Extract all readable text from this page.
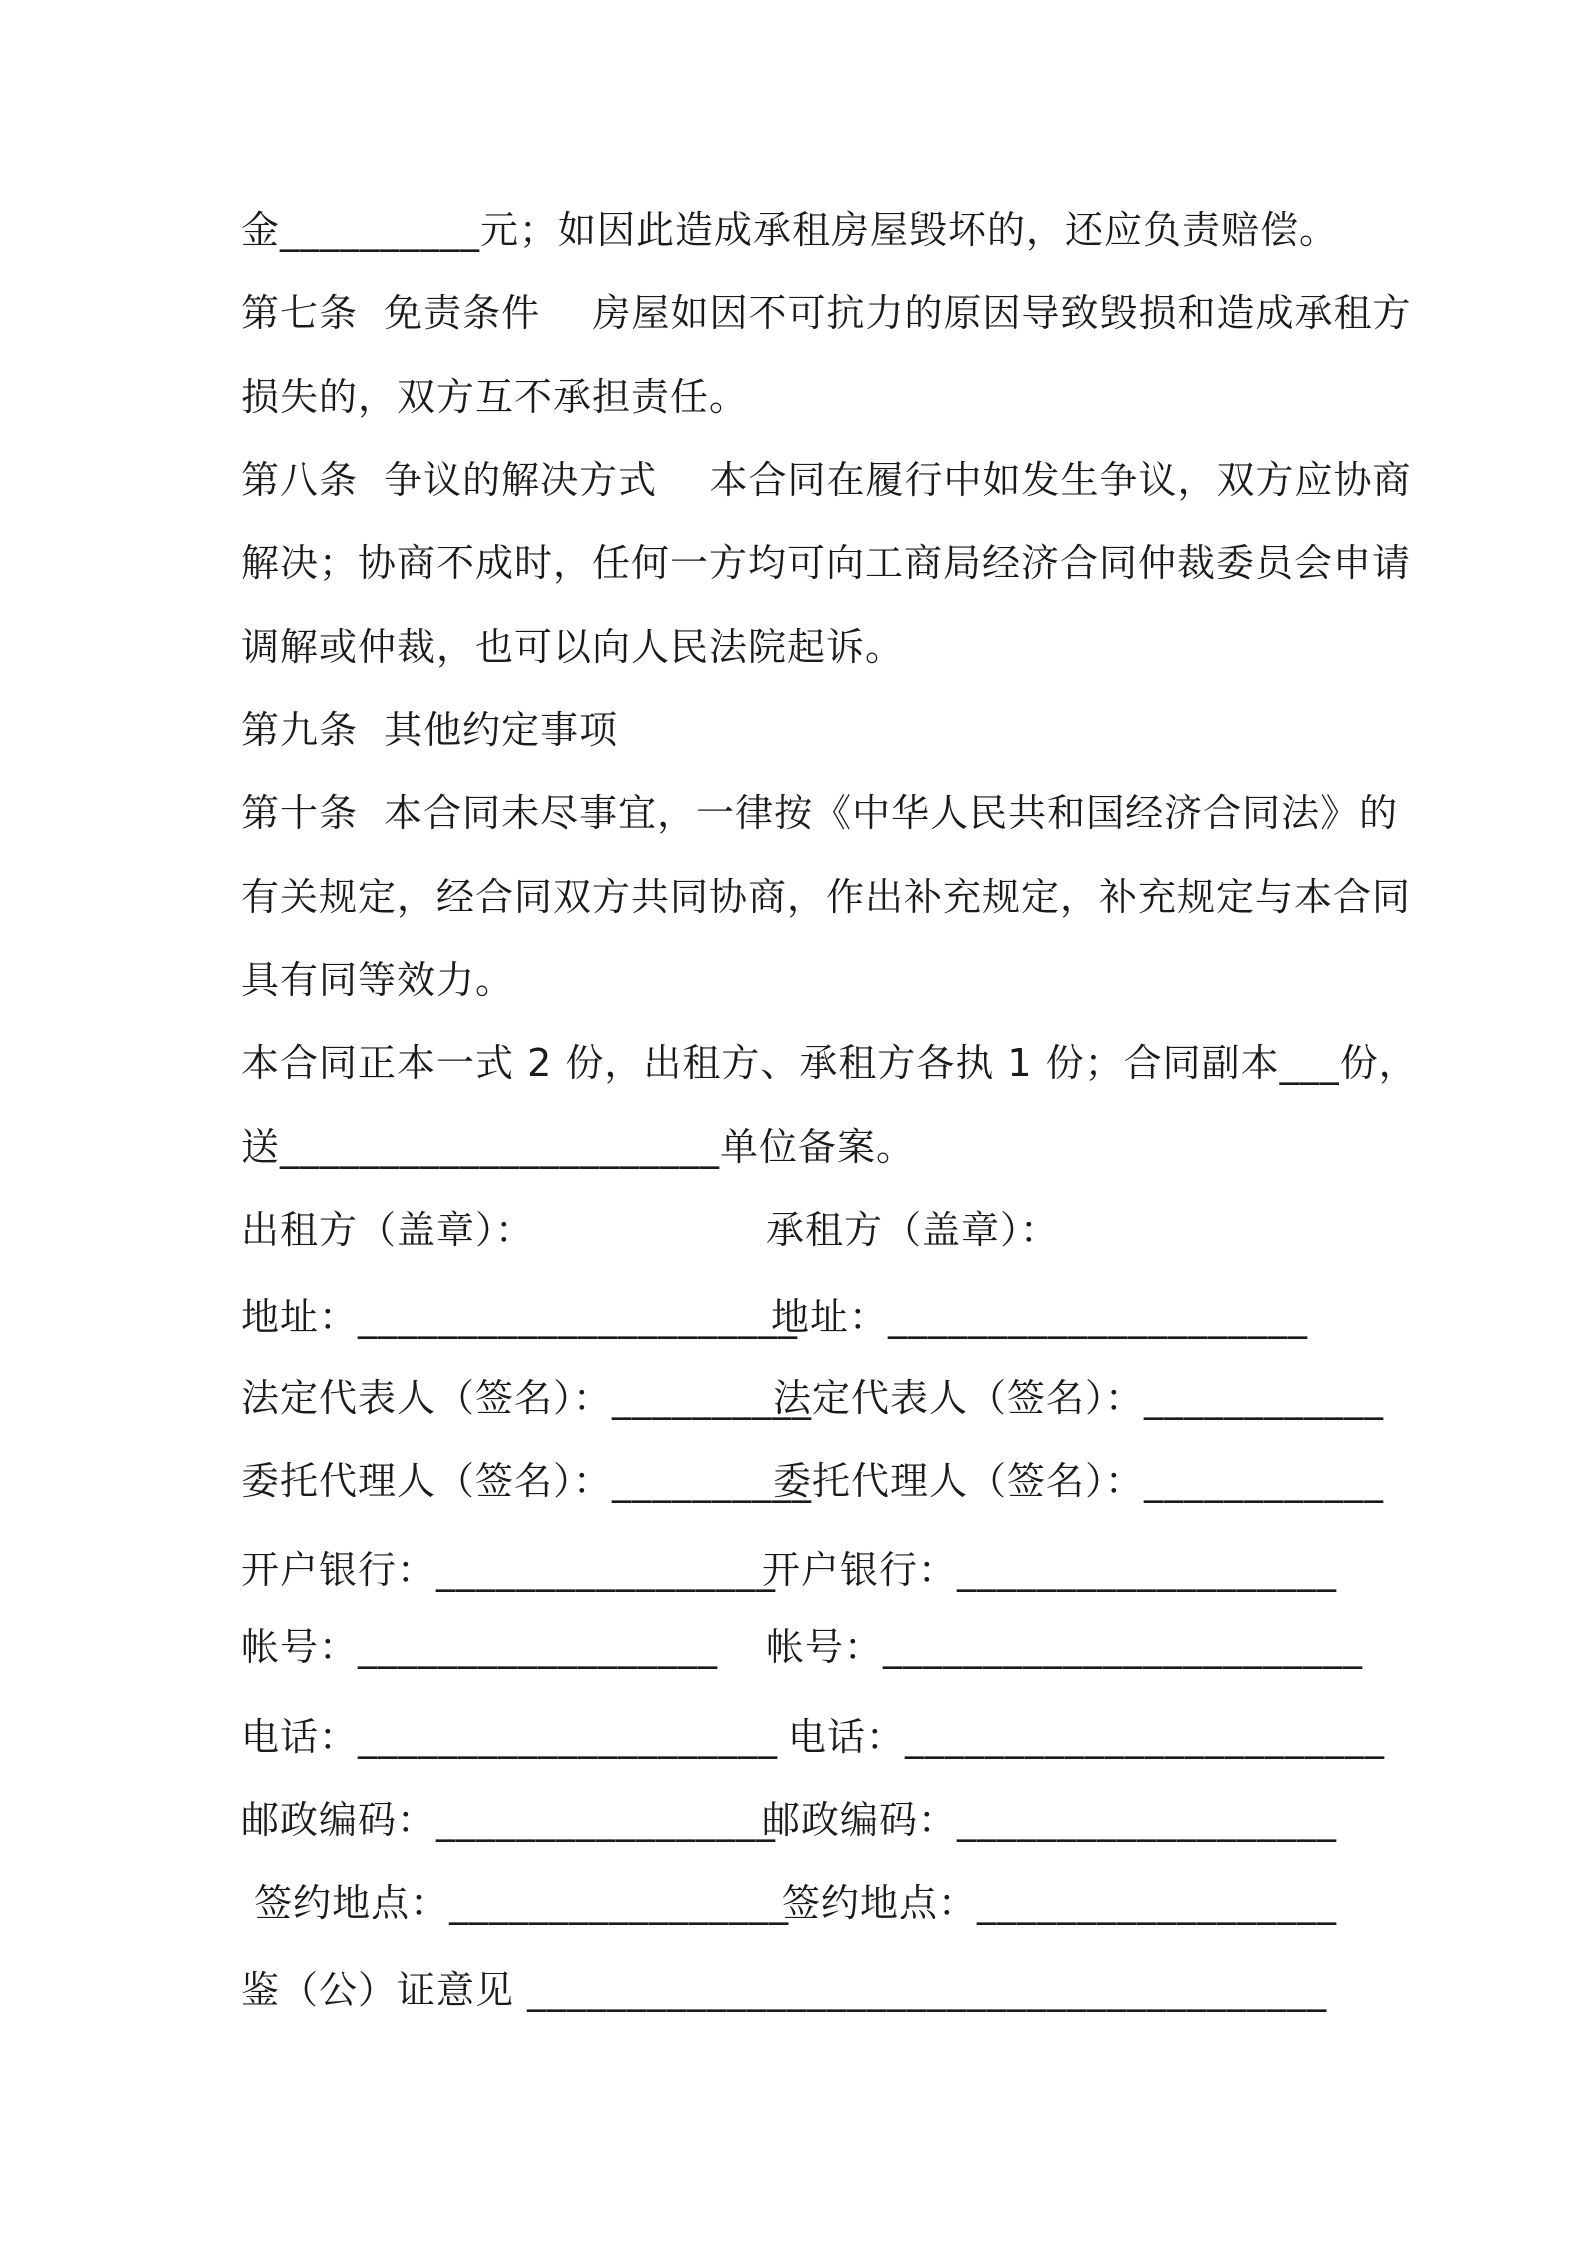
金__________元；如因此造成承租房屋毁坏的，还应负责赔偿。
第七条  免责条件    房屋如因不可抗力的原因导致毁损和造成承租方
损失的，双方互不承担责任。
第八条  争议的解决方式    本合同在履行中如发生争议，双方应协商
解决；协商不成时，任何一方均可向工商局经济合同仲裁委员会申请
调解或仲裁，也可以向人民法院起诉。
第九条  其他约定事项
第十条  本合同未尽事宜，一律按《中华人民共和国经济合同法》的
有关规定，经合同双方共同协商，作出补充规定，补充规定与本合同
具有同等效力。
本合同正本一式 2 份，出租方、承租方各执 1 份；合同副本___份，
送______________________单位备案。
出租方（盖章）：	承租方（盖章）：
地址：______________________
地址：_____________________
法定代表人（签名）：__________
法定代表人（签名）：____________
委托代理人（签名）：__________
委托代理人（签名）：____________
开户银行：_________________
开户银行：___________________
帐号：__________________ 帐号：________________________
电话：_____________________ 电话：________________________
邮政编码：_________________
邮政编码：___________________
签约地点：_________________
签约地点：__________________
鉴（公）证意见 ________________________________________
